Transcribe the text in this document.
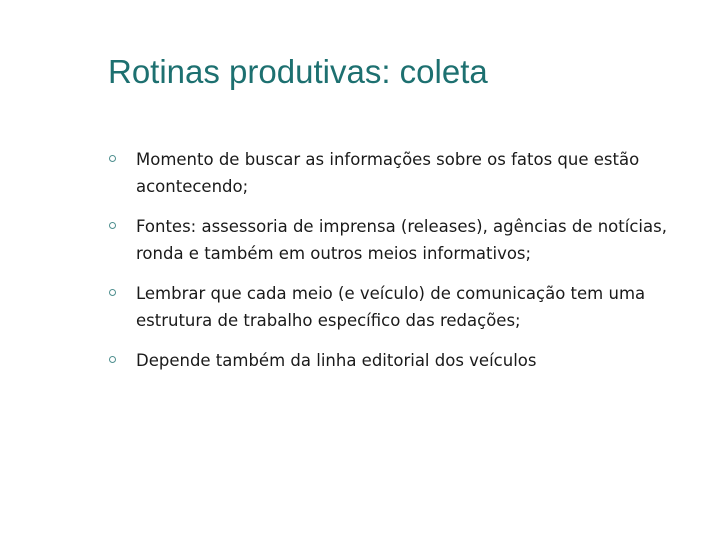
Rotinas produtivas: coleta
Momento de buscar as informações sobre os fatos que estão acontecendo;
Fontes: assessoria de imprensa (releases), agências de notícias, ronda e também em outros meios informativos;
Lembrar que cada meio (e veículo) de comunicação tem uma estrutura de trabalho específico das redações;
Depende também da linha editorial dos veículos
